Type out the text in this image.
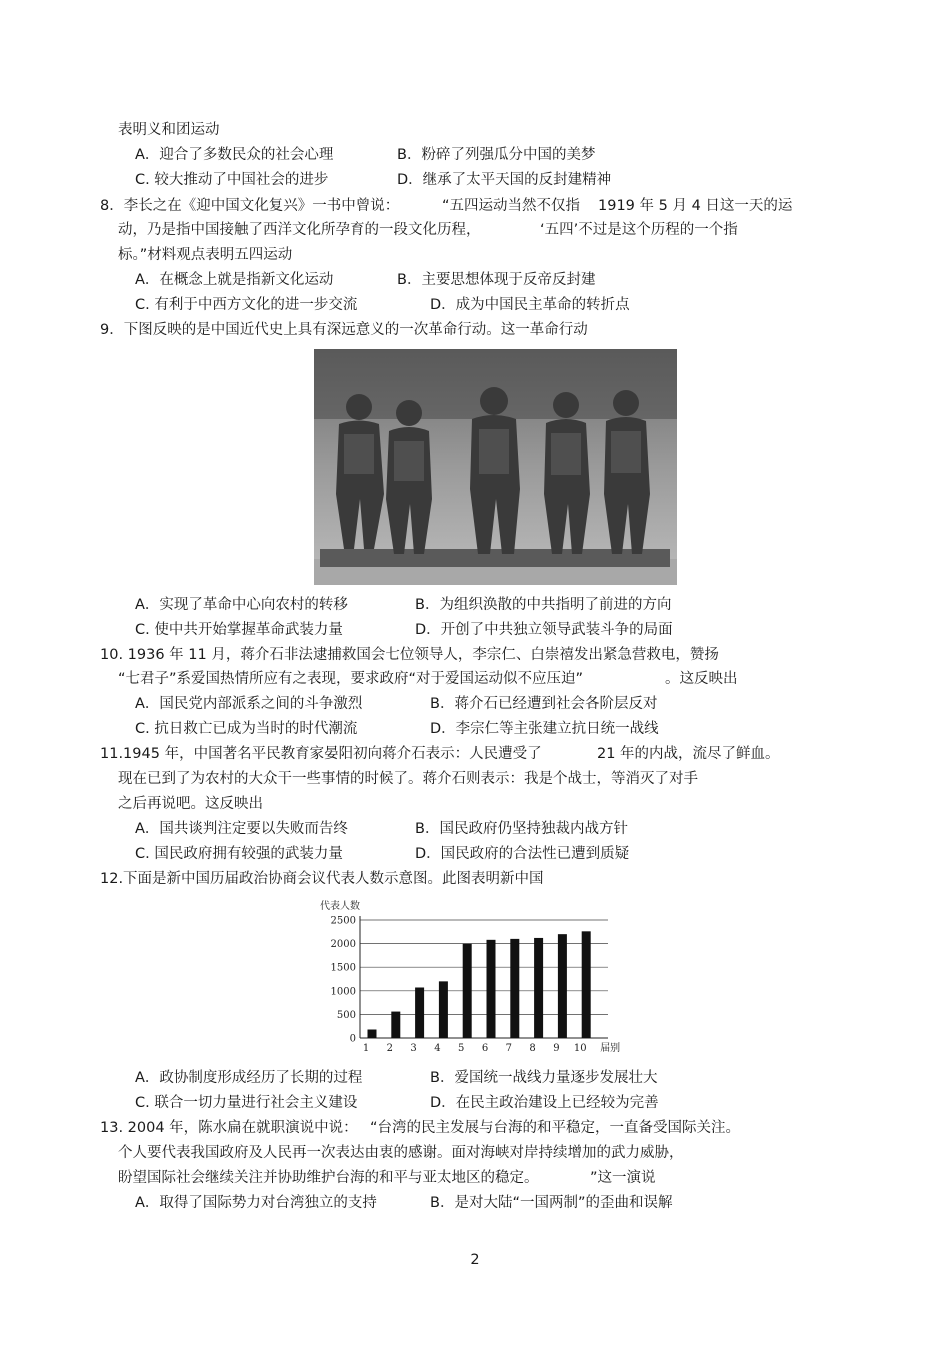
表明义和团运动
A．迎合了多数民众的社会心理	B．粉碎了列强瓜分中国的美梦
C. 较大推动了中国社会的进步	D．继承了太平天国的反封建精神
8．李长之在《迎中国文化复兴》一书中曾说：	“五四运动当然不仅指 1919 年 5 月 4 日这一天的运
动，乃是指中国接触了西洋文化所孕育的一段文化历程，	‘五四’不过是这个历程的一个指
标。”材料观点表明五四运动
A．在概念上就是指新文化运动	B．主要思想体现于反帝反封建
C. 有利于中西方文化的进一步交流	D．成为中国民主革命的转折点
9．下图反映的是中国近代史上具有深远意义的一次革命行动。这一革命行动
A．实现了革命中心向农村的转移	B．为组织涣散的中共指明了前进的方向
C. 使中共开始掌握革命武装力量	D．开创了中共独立领导武装斗争的局面
10. 1936 年 11 月，蒋介石非法逮捕救国会七位领导人，李宗仁、白崇禧发出紧急营救电，赞扬
“七君子”系爱国热情所应有之表现，要求政府“对于爱国运动似不应压迫”	。这反映出
A．国民党内部派系之间的斗争激烈	B．蒋介石已经遭到社会各阶层反对
C. 抗日救亡已成为当时的时代潮流	D．李宗仁等主张建立抗日统一战线
11.1945 年，中国著名平民教育家晏阳初向蒋介石表示：人民遭受了	21 年的内战，流尽了鲜血。
现在已到了为农村的大众干一些事情的时候了。蒋介石则表示：我是个战士，等消灭了对手
之后再说吧。这反映出
A．国共谈判注定要以失败而告终	B．国民政府仍坚持独裁内战方针
C. 国民政府拥有较强的武装力量	D．国民政府的合法性已遭到质疑
12.下面是新中国历届政治协商会议代表人数示意图。此图表明新中国
代表人数
0
500
1000
1500
2000
2500
1 2 3 4 5 6 7 8 9 10 届别
A．政协制度形成经历了长期的过程	B．爱国统一战线力量逐步发展壮大
C. 联合一切力量进行社会主义建设	D．在民主政治建设上已经较为完善
13. 2004 年，陈水扁在就职演说中说： “台湾的民主发展与台海的和平稳定，一直备受国际关注。
个人要代表我国政府及人民再一次表达由衷的感谢。面对海峡对岸持续增加的武力威胁，
盼望国际社会继续关注并协助维护台海的和平与亚太地区的稳定。	”这一演说
A．取得了国际势力对台湾独立的支持	B．是对大陆“一国两制”的歪曲和误解
2
